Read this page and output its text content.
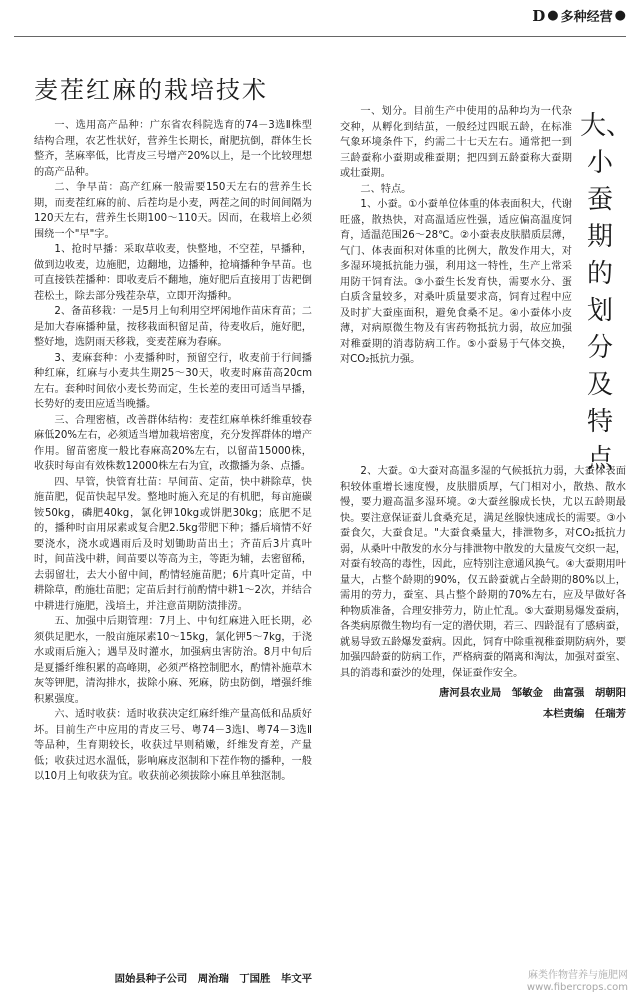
D ● 多种经营 ●
麦茬红麻的栽培技术

一、选用高产品种：广东省农科院选育的74－3选Ⅱ株型结构合理，农艺性状好，营养生长期长，耐肥抗倒，群体生长整齐，茎麻率低，比青皮三号增产20%以上，是一个比较理想的高产品种。

二、争早苗：高产红麻一般需要150天左右的营养生长期，而麦茬红麻的前、后茬均是小麦，两茬之间的时间间隔为120天左右，营养生长期100～110天。因而，在栽培上必须围绕一个"早"字。

1、抢时早播：采取草收麦，快整地，不空茬，早播种，做到边收麦，边施肥，边翻地，边播种，抢墒播种争早苗。也可直接铁茬播种：即收麦后不翻地，施好肥后直接用丁齿耙倒茬松土，除去部分残茬杂草，立即开沟播种。

2、备苗移栽：一是5月上旬利用空坪闲地作苗床育苗；二是加大春麻播种量，按移栽面积留足苗，待麦收后，施好肥，整好地，选阴雨天移栽，变麦茬麻为春麻。

3、麦麻套种：小麦播种时，预留空行，收麦前于行间播种红麻，红麻与小麦共生期25～30天，收麦时麻苗高20cm左右。套种时间依小麦长势而定，生长差的麦田可适当早播，长势好的麦田应适当晚播。

三、合理密植，改善群体结构：麦茬红麻单株纤维重较春麻低20%左右，必须适当增加栽培密度，充分发挥群体的增产作用。留苗密度一般比春麻高20%左右，以留苗15000株，收获时每亩有效株数12000株左右为宜，改撒播为条、点播。

四、早管，快管育壮苗：早间苗、定苗，快中耕除草，快施苗肥，促苗快起早发。整地时施入充足的有机肥，每亩施碳铵50kg，磷肥40kg，氯化钾10kg或饼肥30kg；底肥不足的，播种时亩用尿素或复合肥2.5kg带肥下种；播后墒情不好要浇水，浇水或遇雨后及时划锄助苗出土；齐苗后3片真叶时，间苗浅中耕，间苗要以等高为主，等距为辅，去密留稀，去弱留壮，去大小留中间，酌情轻施苗肥；6片真叶定苗，中耕除草，酌施壮苗肥；定苗后封行前酌情中耕1～2次，并结合中耕进行施肥，浅培土，并注意苗期防渍排涝。

五、加强中后期管理：7月上、中旬红麻进入旺长期，必须供足肥水，一般亩施尿素10～15kg，氯化钾5～7kg，于浇水或雨后施入；遇旱及时灌水，加强病虫害防治。8月中旬后是夏播纤维积累的高峰期，必须严格控制肥水，酌情补施草木灰等钾肥，清沟排水，拔除小麻、死麻，防虫防倒，增强纤维积累强度。

六、适时收获：适时收获决定红麻纤维产量高低和品质好坏。目前生产中应用的青皮三号、粤74－3选Ⅰ、粤74－3选Ⅱ等品种，生育期较长，收获过早则稍嫩，纤维发育差，产量低；收获过迟水温低，影响麻皮沤制和下茬作物的播种，一般以10月上旬收获为宜。收获前必须拔除小麻且单独沤制。

固始县种子公司　周治瑞　丁国胜　毕文平

一、划分。目前生产中使用的品种均为一代杂交种，从孵化到结茧，一般经过四眠五龄，在标准气象环境条件下，约需二十七天左右。通常把一到三龄蚕称小蚕期或稚蚕期；把四到五龄蚕称大蚕期或壮蚕期。

二、特点。

1、小蚕。①小蚕单位体重的体表面积大，代谢旺盛，散热快，对高温适应性强，适应偏高温度饲育，适温范围26～28℃。②小蚕表皮肤腊质层薄，气门、体表面积对体重的比例大，散发作用大，对多湿环境抵抗能力强，利用这一特性，生产上常采用防干饲育法。③小蚕生长发育快，需要水分、蛋白质含量较多，对桑叶质量要求高，饲育过程中应及时扩大蚕座面积，避免食桑不足。④小蚕体小皮薄，对病原微生物及有害药物抵抗力弱，故应加强对稚蚕期的消毒防病工作。⑤小蚕易于气体交换，对CO₂抵抗力强。

大、小蚕期的划分及特点

2、大蚕。①大蚕对高温多湿的气候抵抗力弱，大蚕体表面积较体重增长速度慢，皮肤腊质厚，气门相对小，散热、散水慢，要力避高温多湿环境。②大蚕丝腺成长快，尤以五龄期最快。要注意保证蚕儿食桑充足，满足丝腺快速成长的需要。③小蚕食欠，大蚕食足。"大蚕食桑量大，排泄物多，对CO₂抵抗力弱，从桑叶中散发的水分与排泄物中散发的大量废气交织一起，对蚕有较高的毒性，因此，应特别注意通风换气。④大蚕期用叶量大，占整个龄期的90%，仅五龄蚕就占全龄期的80%以上，需用的劳力，蚕室、具占整个龄期的70%左右，应及早做好各种物质准备，合理安排劳力，防止忙乱。⑤大蚕期易爆发蚕病，各类病原微生物均有一定的潜伏期，若三、四龄混有了感病蚕，就易导致五龄爆发蚕病。因此，饲育中除重视稚蚕期防病外，要加强四龄蚕的防病工作，严格病蚕的隔离和淘汰，加强对蚕室、具的消毒和蚕沙的处理，保证蚕作安全。

唐河县农业局　邹敏金　曲富强　胡朝阳
本栏责编　任瑞芳
麻类作物营养与施肥网
www.fibercrops.com
